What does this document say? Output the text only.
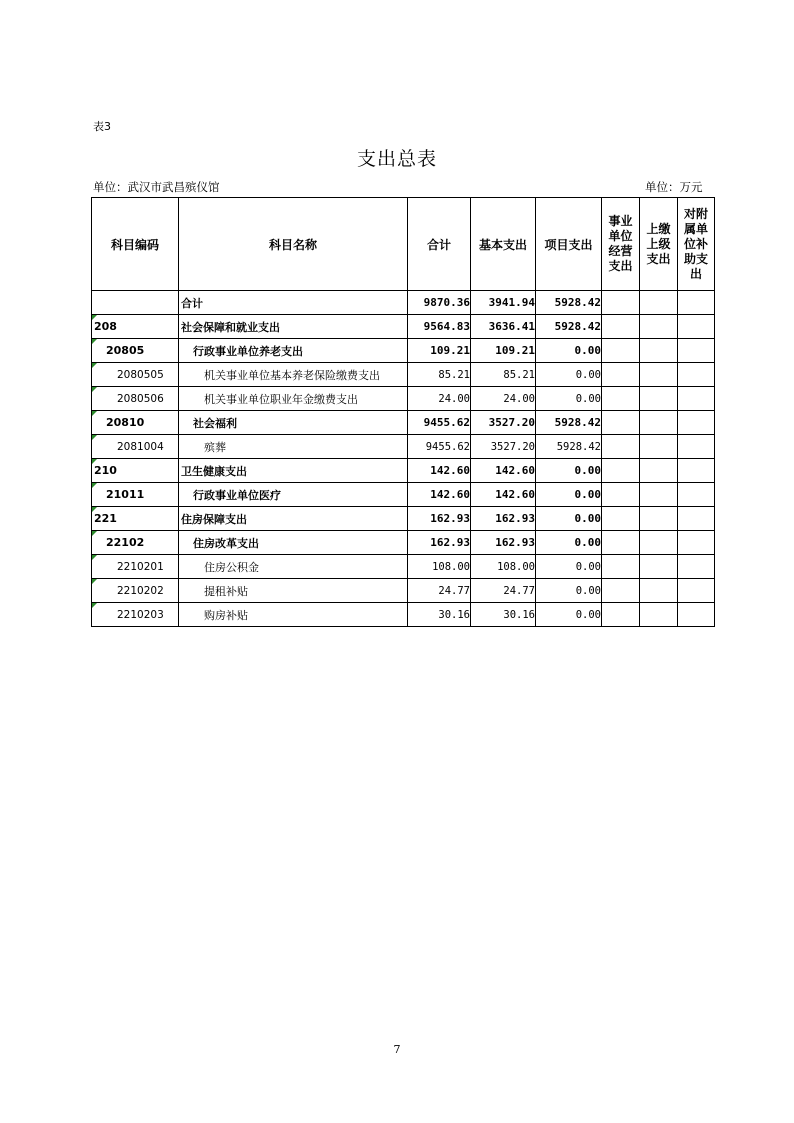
表3
支出总表
单位：武汉市武昌殡仪馆	单位：万元
科目编码	科目名称	合计	基本支出	项目支出	事业单位经营支出	上缴上级支出	对附属单位补助支出
	合计	9870.36	3941.94	5928.42			
208	社会保障和就业支出	9564.83	3636.41	5928.42			
20805	行政事业单位养老支出	109.21	109.21	0.00			
2080505	机关事业单位基本养老保险缴费支出	85.21	85.21	0.00			
2080506	机关事业单位职业年金缴费支出	24.00	24.00	0.00			
20810	社会福利	9455.62	3527.20	5928.42			
2081004	殡葬	9455.62	3527.20	5928.42			
210	卫生健康支出	142.60	142.60	0.00			
21011	行政事业单位医疗	142.60	142.60	0.00			
221	住房保障支出	162.93	162.93	0.00			
22102	住房改革支出	162.93	162.93	0.00			
2210201	住房公积金	108.00	108.00	0.00			
2210202	提租补贴	24.77	24.77	0.00			
2210203	购房补贴	30.16	30.16	0.00			
7
